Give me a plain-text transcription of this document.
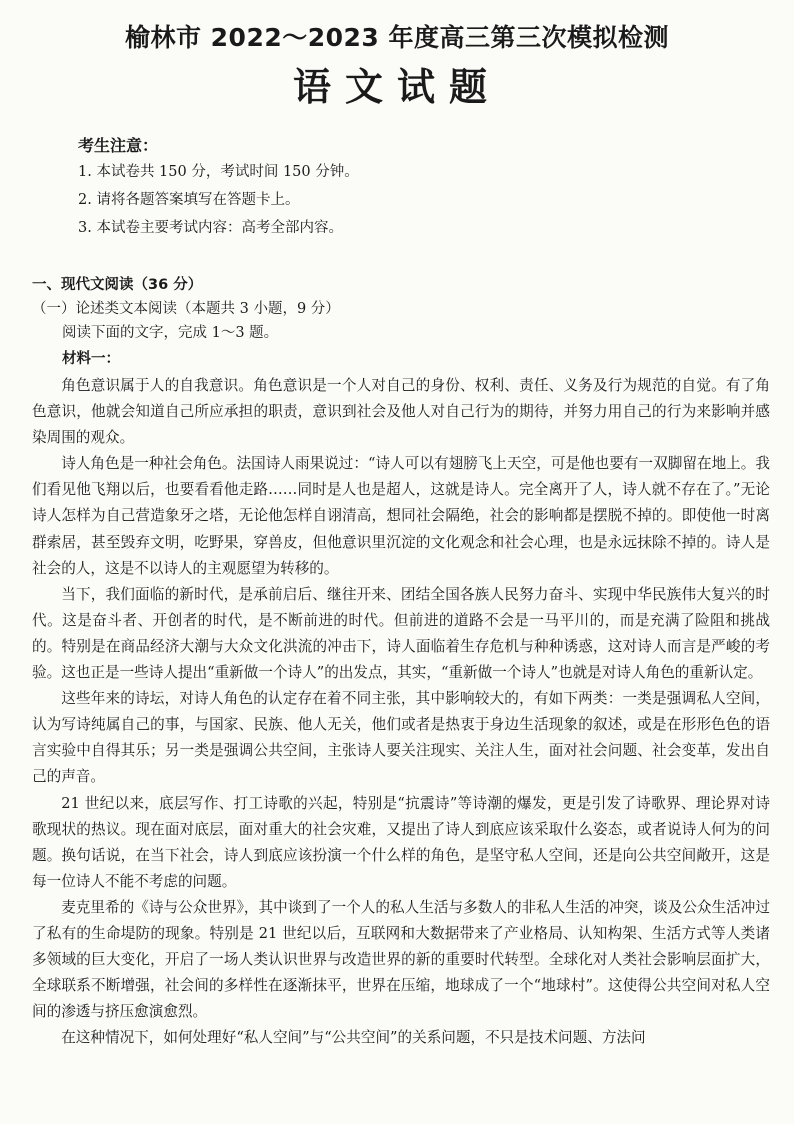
榆林市 2022～2023 年度高三第三次模拟检测
语文试题
考生注意：
1. 本试卷共 150 分，考试时间 150 分钟。
2. 请将各题答案填写在答题卡上。
3. 本试卷主要考试内容：高考全部内容。
一、现代文阅读（36 分）
（一）论述类文本阅读（本题共 3 小题，9 分）
阅读下面的文字，完成 1～3 题。
材料一：

角色意识属于人的自我意识。角色意识是一个人对自己的身份、权利、责任、义务及行为规范的自觉。有了角色意识，他就会知道自己所应承担的职责，意识到社会及他人对自己行为的期待，并努力用自己的行为来影响并感染周围的观众。

诗人角色是一种社会角色。法国诗人雨果说过：“诗人可以有翅膀飞上天空，可是他也要有一双脚留在地上。我们看见他飞翔以后，也要看看他走路……同时是人也是超人，这就是诗人。完全离开了人，诗人就不存在了。”无论诗人怎样为自己营造象牙之塔，无论他怎样自诩清高，想同社会隔绝，社会的影响都是摆脱不掉的。即使他一时离群索居，甚至毁弃文明，吃野果，穿兽皮，但他意识里沉淀的文化观念和社会心理，也是永远抹除不掉的。诗人是社会的人，这是不以诗人的主观愿望为转移的。

当下，我们面临的新时代，是承前启后、继往开来、团结全国各族人民努力奋斗、实现中华民族伟大复兴的时代。这是奋斗者、开创者的时代，是不断前进的时代。但前进的道路不会是一马平川的，而是充满了险阻和挑战的。特别是在商品经济大潮与大众文化洪流的冲击下，诗人面临着生存危机与种种诱惑，这对诗人而言是严峻的考验。这也正是一些诗人提出“重新做一个诗人”的出发点，其实，“重新做一个诗人”也就是对诗人角色的重新认定。

这些年来的诗坛，对诗人角色的认定存在着不同主张，其中影响较大的，有如下两类：一类是强调私人空间，认为写诗纯属自己的事，与国家、民族、他人无关，他们或者是热衷于身边生活现象的叙述，或是在形形色色的语言实验中自得其乐；另一类是强调公共空间，主张诗人要关注现实、关注人生，面对社会问题、社会变革，发出自己的声音。

21 世纪以来，底层写作、打工诗歌的兴起，特别是“抗震诗”等诗潮的爆发，更是引发了诗歌界、理论界对诗歌现状的热议。现在面对底层，面对重大的社会灾难，又提出了诗人到底应该采取什么姿态，或者说诗人何为的问题。换句话说，在当下社会，诗人到底应该扮演一个什么样的角色，是坚守私人空间，还是向公共空间敞开，这是每一位诗人不能不考虑的问题。

麦克里希的《诗与公众世界》，其中谈到了一个人的私人生活与多数人的非私人生活的冲突，谈及公众生活冲过了私有的生命堤防的现象。特别是 21 世纪以后，互联网和大数据带来了产业格局、认知构架、生活方式等人类诸多领域的巨大变化，开启了一场人类认识世界与改造世界的新的重要时代转型。全球化对人类社会影响层面扩大，全球联系不断增强，社会间的多样性在逐渐抹平，世界在压缩，地球成了一个“地球村”。这使得公共空间对私人空间的渗透与挤压愈演愈烈。

在这种情况下，如何处理好“私人空间”与“公共空间”的关系问题，不只是技术问题、方法问
